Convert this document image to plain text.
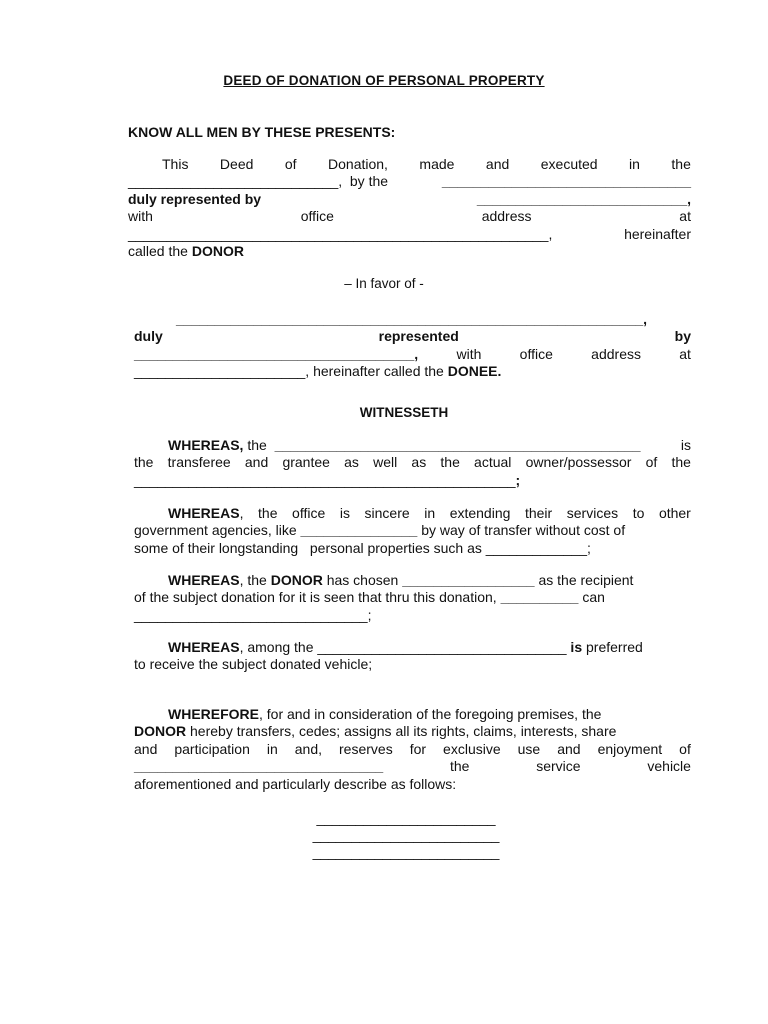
DEED OF DONATION OF PERSONAL PROPERTY
KNOW ALL MEN BY THESE PRESENTS:
This Deed of Donation, made and executed in the
___________________________,  by the	________________________________
duly represented by	___________________________,
with	office	address	at
______________________________________________________,	hereinafter
called the DONOR
– In favor of -
____________________________________________________________,
duly	represented	by
____________________________________,	with	office	address	at
______________________, hereinafter called the DONEE.
WITNESSETH
WHEREAS, the  _______________________________________________	is
the transferee and grantee as well as the actual owner/possessor of the
_________________________________________________ ;
WHEREAS, the office is sincere in extending their services to other
government agencies, like _______________ by way of transfer without cost of
some of their longstanding   personal properties such as _____________;
WHEREAS , the DONOR has chosen _________________ as the recipient
of the subject donation for it is seen that thru this donation, __________ can
______________________________;
WHEREAS , among the ________________________________ is preferred
to receive the subject donated vehicle;
WHEREFORE , for and in consideration of the foregoing premises, the
DONOR hereby transfers, cedes; assigns all its rights, claims, interests, share
and participation in and, reserves for exclusive use and enjoyment of
________________________________	the	service	vehicle
aforementioned and particularly describe as follows:
_______________________
________________________
________________________
